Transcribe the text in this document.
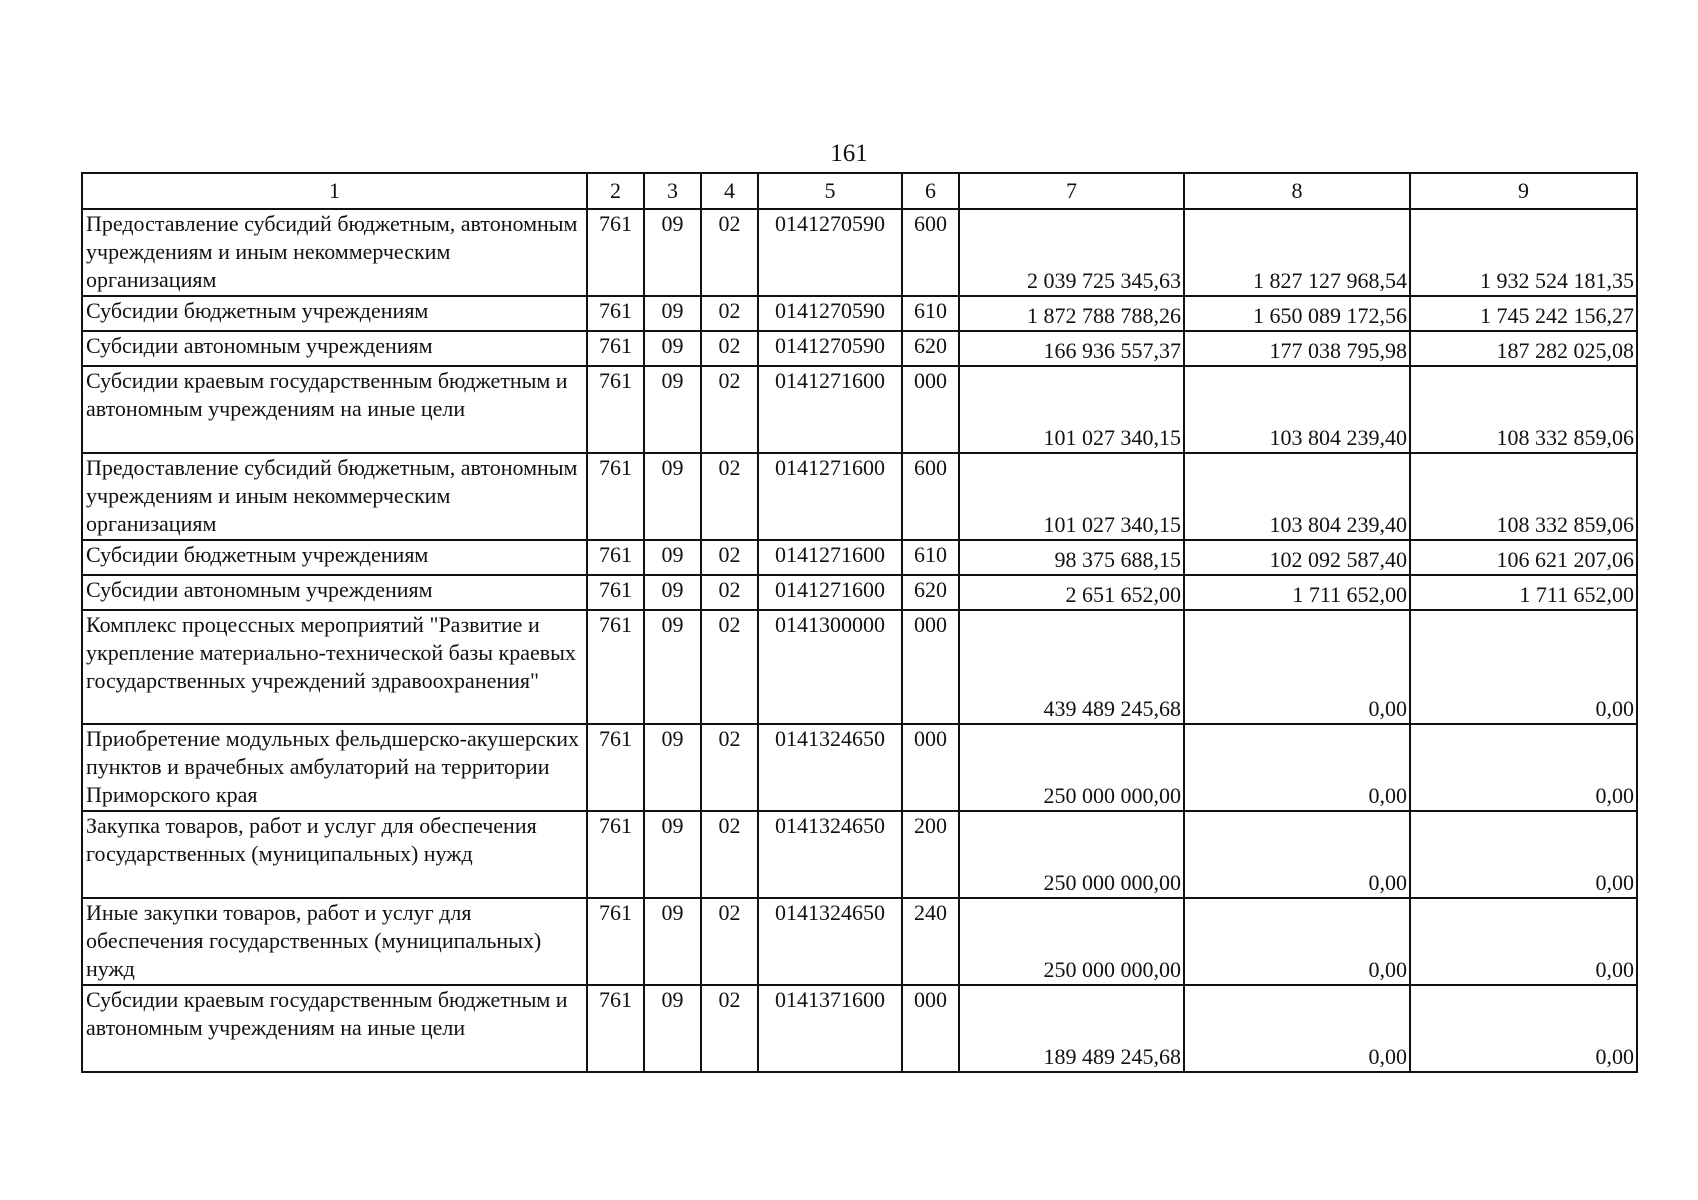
161
1	2	3	4	5	6	7	8	9
Предоставление субсидий бюджетным, автономным учреждениям и иным некоммерческим организациям	761	09	02	0141270590	600	2 039 725 345,63	1 827 127 968,54	1 932 524 181,35
Субсидии бюджетным учреждениям	761	09	02	0141270590	610	1 872 788 788,26	1 650 089 172,56	1 745 242 156,27
Субсидии автономным учреждениям	761	09	02	0141270590	620	166 936 557,37	177 038 795,98	187 282 025,08
Субсидии краевым государственным бюджетным и автономным учреждениям на иные цели	761	09	02	0141271600	000	101 027 340,15	103 804 239,40	108 332 859,06
Предоставление субсидий бюджетным, автономным учреждениям и иным некоммерческим организациям	761	09	02	0141271600	600	101 027 340,15	103 804 239,40	108 332 859,06
Субсидии бюджетным учреждениям	761	09	02	0141271600	610	98 375 688,15	102 092 587,40	106 621 207,06
Субсидии автономным учреждениям	761	09	02	0141271600	620	2 651 652,00	1 711 652,00	1 711 652,00
Комплекс процессных мероприятий "Развитие и укрепление материально-технической базы краевых государственных учреждений здравоохранения"	761	09	02	0141300000	000	439 489 245,68	0,00	0,00
Приобретение модульных фельдшерско-акушерских пунктов и врачебных амбулаторий на территории Приморского края	761	09	02	0141324650	000	250 000 000,00	0,00	0,00
Закупка товаров, работ и услуг для обеспечения государственных (муниципальных) нужд	761	09	02	0141324650	200	250 000 000,00	0,00	0,00
Иные закупки товаров, работ и услуг для обеспечения государственных (муниципальных) нужд	761	09	02	0141324650	240	250 000 000,00	0,00	0,00
Субсидии краевым государственным бюджетным и автономным учреждениям на иные цели	761	09	02	0141371600	000	189 489 245,68	0,00	0,00
